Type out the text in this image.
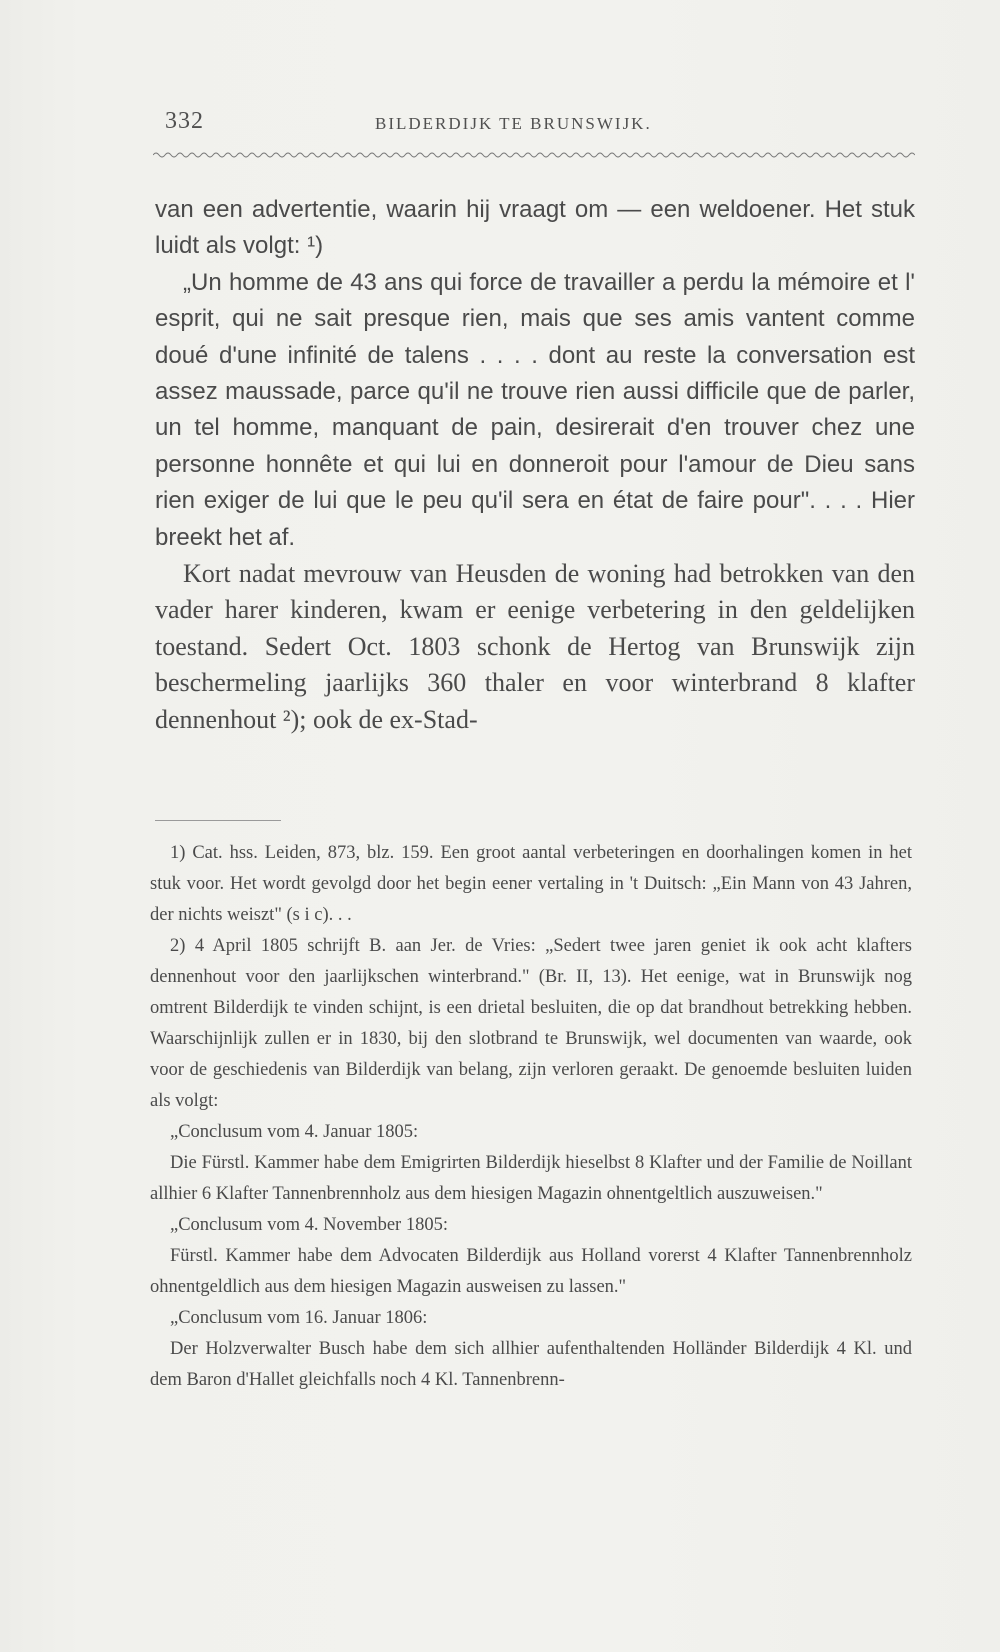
332	BILDERDIJK TE BRUNSWIJK.

van een advertentie, waarin hij vraagt om — een weldoener. Het stuk luidt als volgt: ¹)

„Un homme de 43 ans qui force de travailler a perdu la mémoire et l' esprit, qui ne sait presque rien, mais que ses amis vantent comme doué d'une infinité de talens . . . . dont au reste la conversation est assez maussade, parce qu'il ne trouve rien aussi difficile que de parler, un tel homme, manquant de pain, desirerait d'en trouver chez une personne honnête et qui lui en donneroit pour l'amour de Dieu sans rien exiger de lui que le peu qu'il sera en état de faire pour". . . . Hier breekt het af.

Kort nadat mevrouw van Heusden de woning had betrokken van den vader harer kinderen, kwam er eenige verbetering in den geldelijken toestand. Sedert Oct. 1803 schonk de Hertog van Brunswijk zijn beschermeling jaarlijks 360 thaler en voor winterbrand 8 klafter dennenhout ²); ook de ex-Stad-

1) Cat. hss. Leiden, 873, blz. 159. Een groot aantal verbeteringen en doorhalingen komen in het stuk voor. Het wordt gevolgd door het begin eener vertaling in 't Duitsch: „Ein Mann von 43 Jahren, der nichts weiszt" (s i c). . .

2) 4 April 1805 schrijft B. aan Jer. de Vries: „Sedert twee jaren geniet ik ook acht klafters dennenhout voor den jaarlijkschen winterbrand." (Br. II, 13). Het eenige, wat in Brunswijk nog omtrent Bilderdijk te vinden schijnt, is een drietal besluiten, die op dat brandhout betrekking hebben. Waarschijnlijk zullen er in 1830, bij den slotbrand te Brunswijk, wel documenten van waarde, ook voor de geschiedenis van Bilderdijk van belang, zijn verloren geraakt. De genoemde besluiten luiden als volgt:

„Conclusum vom 4. Januar 1805:

Die Fürstl. Kammer habe dem Emigrirten Bilderdijk hieselbst 8 Klafter und der Familie de Noillant allhier 6 Klafter Tannenbrennholz aus dem hiesigen Magazin ohnentgeltlich auszuweisen."

„Conclusum vom 4. November 1805:

Fürstl. Kammer habe dem Advocaten Bilderdijk aus Holland vorerst 4 Klafter Tannenbrennholz ohnentgeldlich aus dem hiesigen Magazin ausweisen zu lassen."

„Conclusum vom 16. Januar 1806:

Der Holzverwalter Busch habe dem sich allhier aufenthaltenden Holländer Bilderdijk 4 Kl. und dem Baron d'Hallet gleichfalls noch 4 Kl. Tannenbrenn-
